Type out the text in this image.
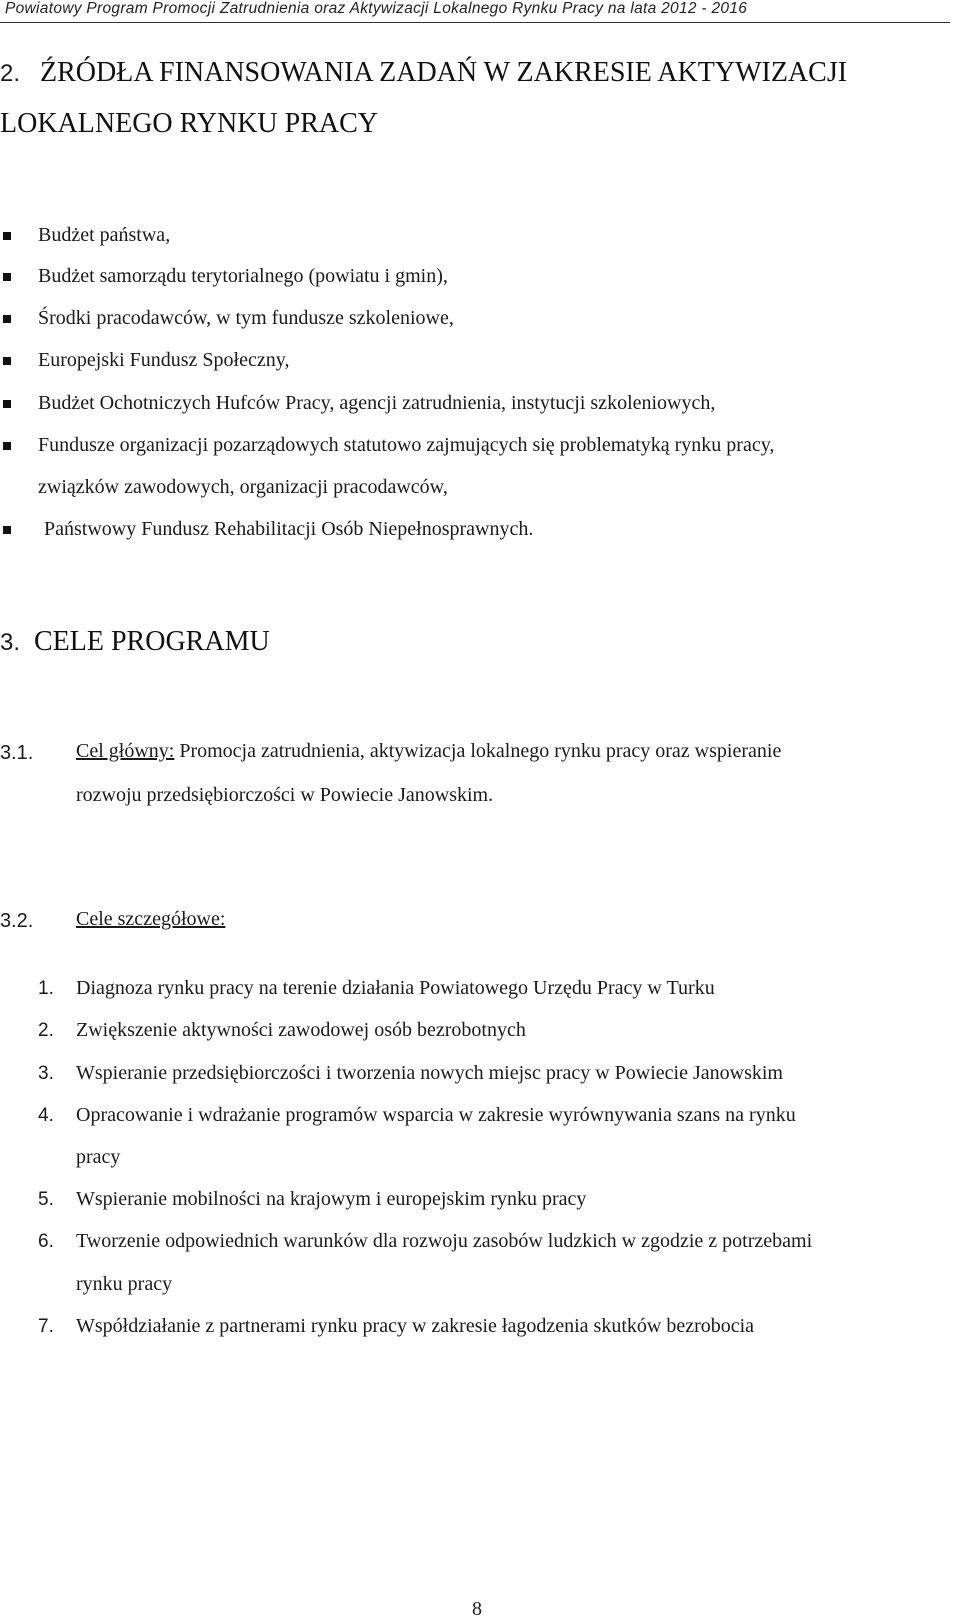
Powiatowy Program Promocji Zatrudnienia oraz Aktywizacji Lokalnego Rynku Pracy na lata 2012 - 2016
2. ŹRÓDŁA FINANSOWANIA ZADAŃ W ZAKRESIE AKTYWIZACJI
LOKALNEGO RYNKU PRACY
Budżet państwa,
Budżet samorządu terytorialnego (powiatu i gmin),
Środki pracodawców, w tym fundusze szkoleniowe,
Europejski Fundusz Społeczny,
Budżet Ochotniczych Hufców Pracy, agencji zatrudnienia, instytucji szkoleniowych,
Fundusze organizacji pozarządowych statutowo zajmujących się problematyką rynku pracy,
związków zawodowych, organizacji pracodawców,
Państwowy Fundusz Rehabilitacji Osób Niepełnosprawnych.
3. CELE PROGRAMU
3.1. Cel główny: Promocja zatrudnienia, aktywizacja lokalnego rynku pracy oraz wspieranie
rozwoju przedsiębiorczości w Powiecie Janowskim.
3.2. Cele szczegółowe:
1. Diagnoza rynku pracy na terenie działania Powiatowego Urzędu Pracy w Turku
2. Zwiększenie aktywności zawodowej osób bezrobotnych
3. Wspieranie przedsiębiorczości i tworzenia nowych miejsc pracy w Powiecie Janowskim
4. Opracowanie i wdrażanie programów wsparcia w zakresie wyrównywania szans na rynku
pracy
5. Wspieranie mobilności na krajowym i europejskim rynku pracy
6. Tworzenie odpowiednich warunków dla rozwoju zasobów ludzkich w zgodzie z potrzebami
rynku pracy
7. Współdziałanie z partnerami rynku pracy w zakresie łagodzenia skutków bezrobocia
8
